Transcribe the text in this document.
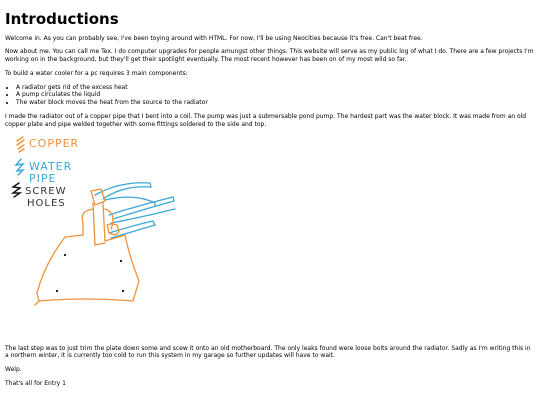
Introductions

Welcome in. As you can probably see, I've been toying around with HTML. For now, I'll be using Neocities because it's free. Can't beat free.

Now about me. You can call me Tex. I do computer upgrades for people amungst other things. This website will serve as my public log of what I do. There are a few projects I'm working on in the background, but they'll get their spotlight eventually. The most recent however has been on of my most wild so far.

To build a water cooler for a pc requires 3 main components:

• A radiator gets rid of the excess heat
• A pump circulates the liquid
• The water block moves the heat from the source to the radiator

I made the radiator out of a copper pipe that I bent into a coil. The pump was just a submersable pond pump. The hardest part was the water block. It was made from an old copper plate and pipe welded together with some fittings soldered to the side and top.

COPPER
WATER
PIPE
SCREW
HOLES

The last step was to just trim the plate down some and scew it onto an old motherboard. The only leaks found were loose bolts around the radiator. Sadly as I'm writing this in a northern winter, it is currently too cold to run this system in my garage so further updates will have to wait.

Welp.

That's all for Entry 1
